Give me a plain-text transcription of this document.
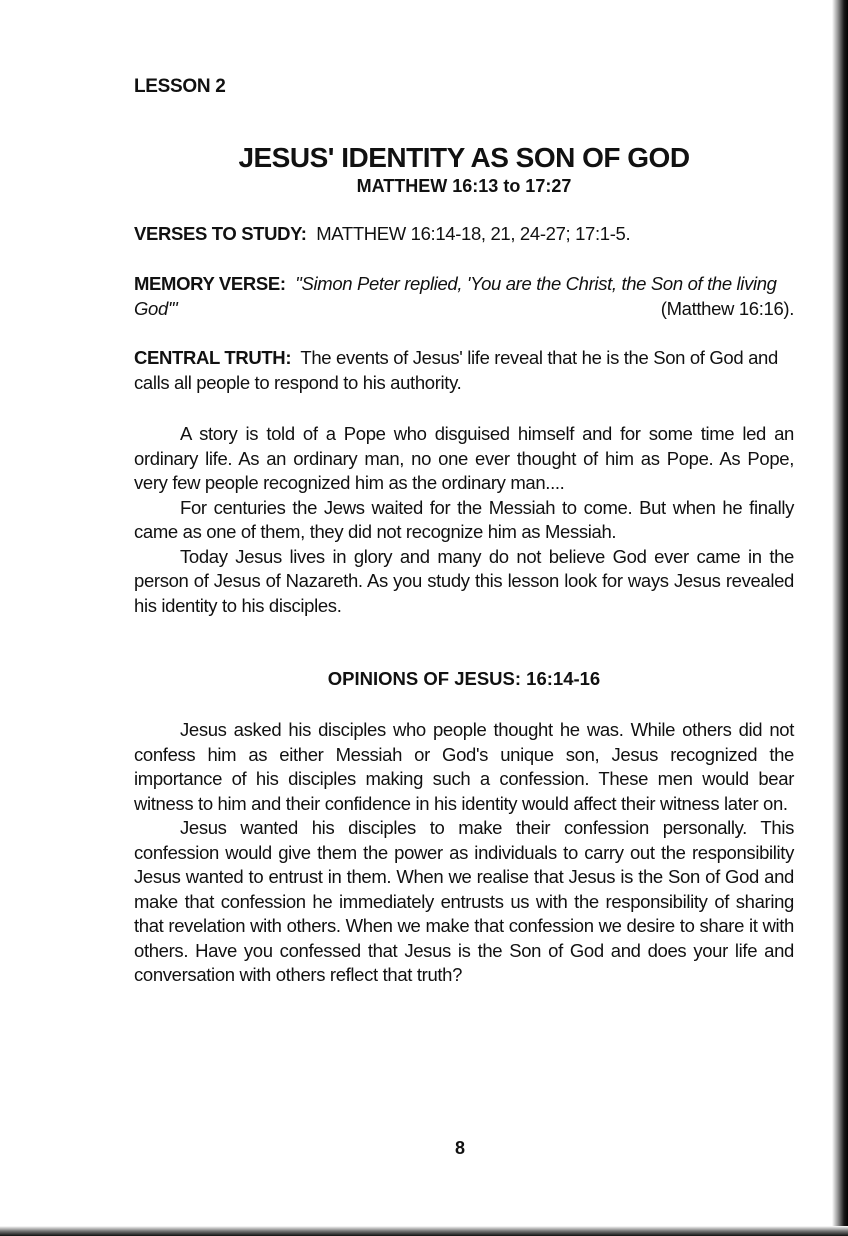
LESSON 2
JESUS' IDENTITY AS SON OF GOD
MATTHEW 16:13 to 17:27
VERSES TO STUDY: MATTHEW 16:14-18, 21, 24-27; 17:1-5.
MEMORY VERSE: "Simon Peter replied, 'You are the Christ, the Son of the living God'"	(Matthew 16:16).
CENTRAL TRUTH: The events of Jesus' life reveal that he is the Son of God and calls all people to respond to his authority.

A story is told of a Pope who disguised himself and for some time led an ordinary life. As an ordinary man, no one ever thought of him as Pope. As Pope, very few people recognized him as the ordinary man....

For centuries the Jews waited for the Messiah to come. But when he finally came as one of them, they did not recognize him as Messiah.

Today Jesus lives in glory and many do not believe God ever came in the person of Jesus of Nazareth. As you study this lesson look for ways Jesus revealed his identity to his disciples.

OPINIONS OF JESUS: 16:14-16

Jesus asked his disciples who people thought he was. While others did not confess him as either Messiah or God's unique son, Jesus recognized the importance of his disciples making such a confession. These men would bear witness to him and their confidence in his identity would affect their witness later on.

Jesus wanted his disciples to make their confession personally. This confession would give them the power as individuals to carry out the responsibility Jesus wanted to entrust in them. When we realise that Jesus is the Son of God and make that confession he immediately entrusts us with the responsibility of sharing that revelation with others. When we make that confession we desire to share it with others. Have you confessed that Jesus is the Son of God and does your life and conversation with others reflect that truth?

8
